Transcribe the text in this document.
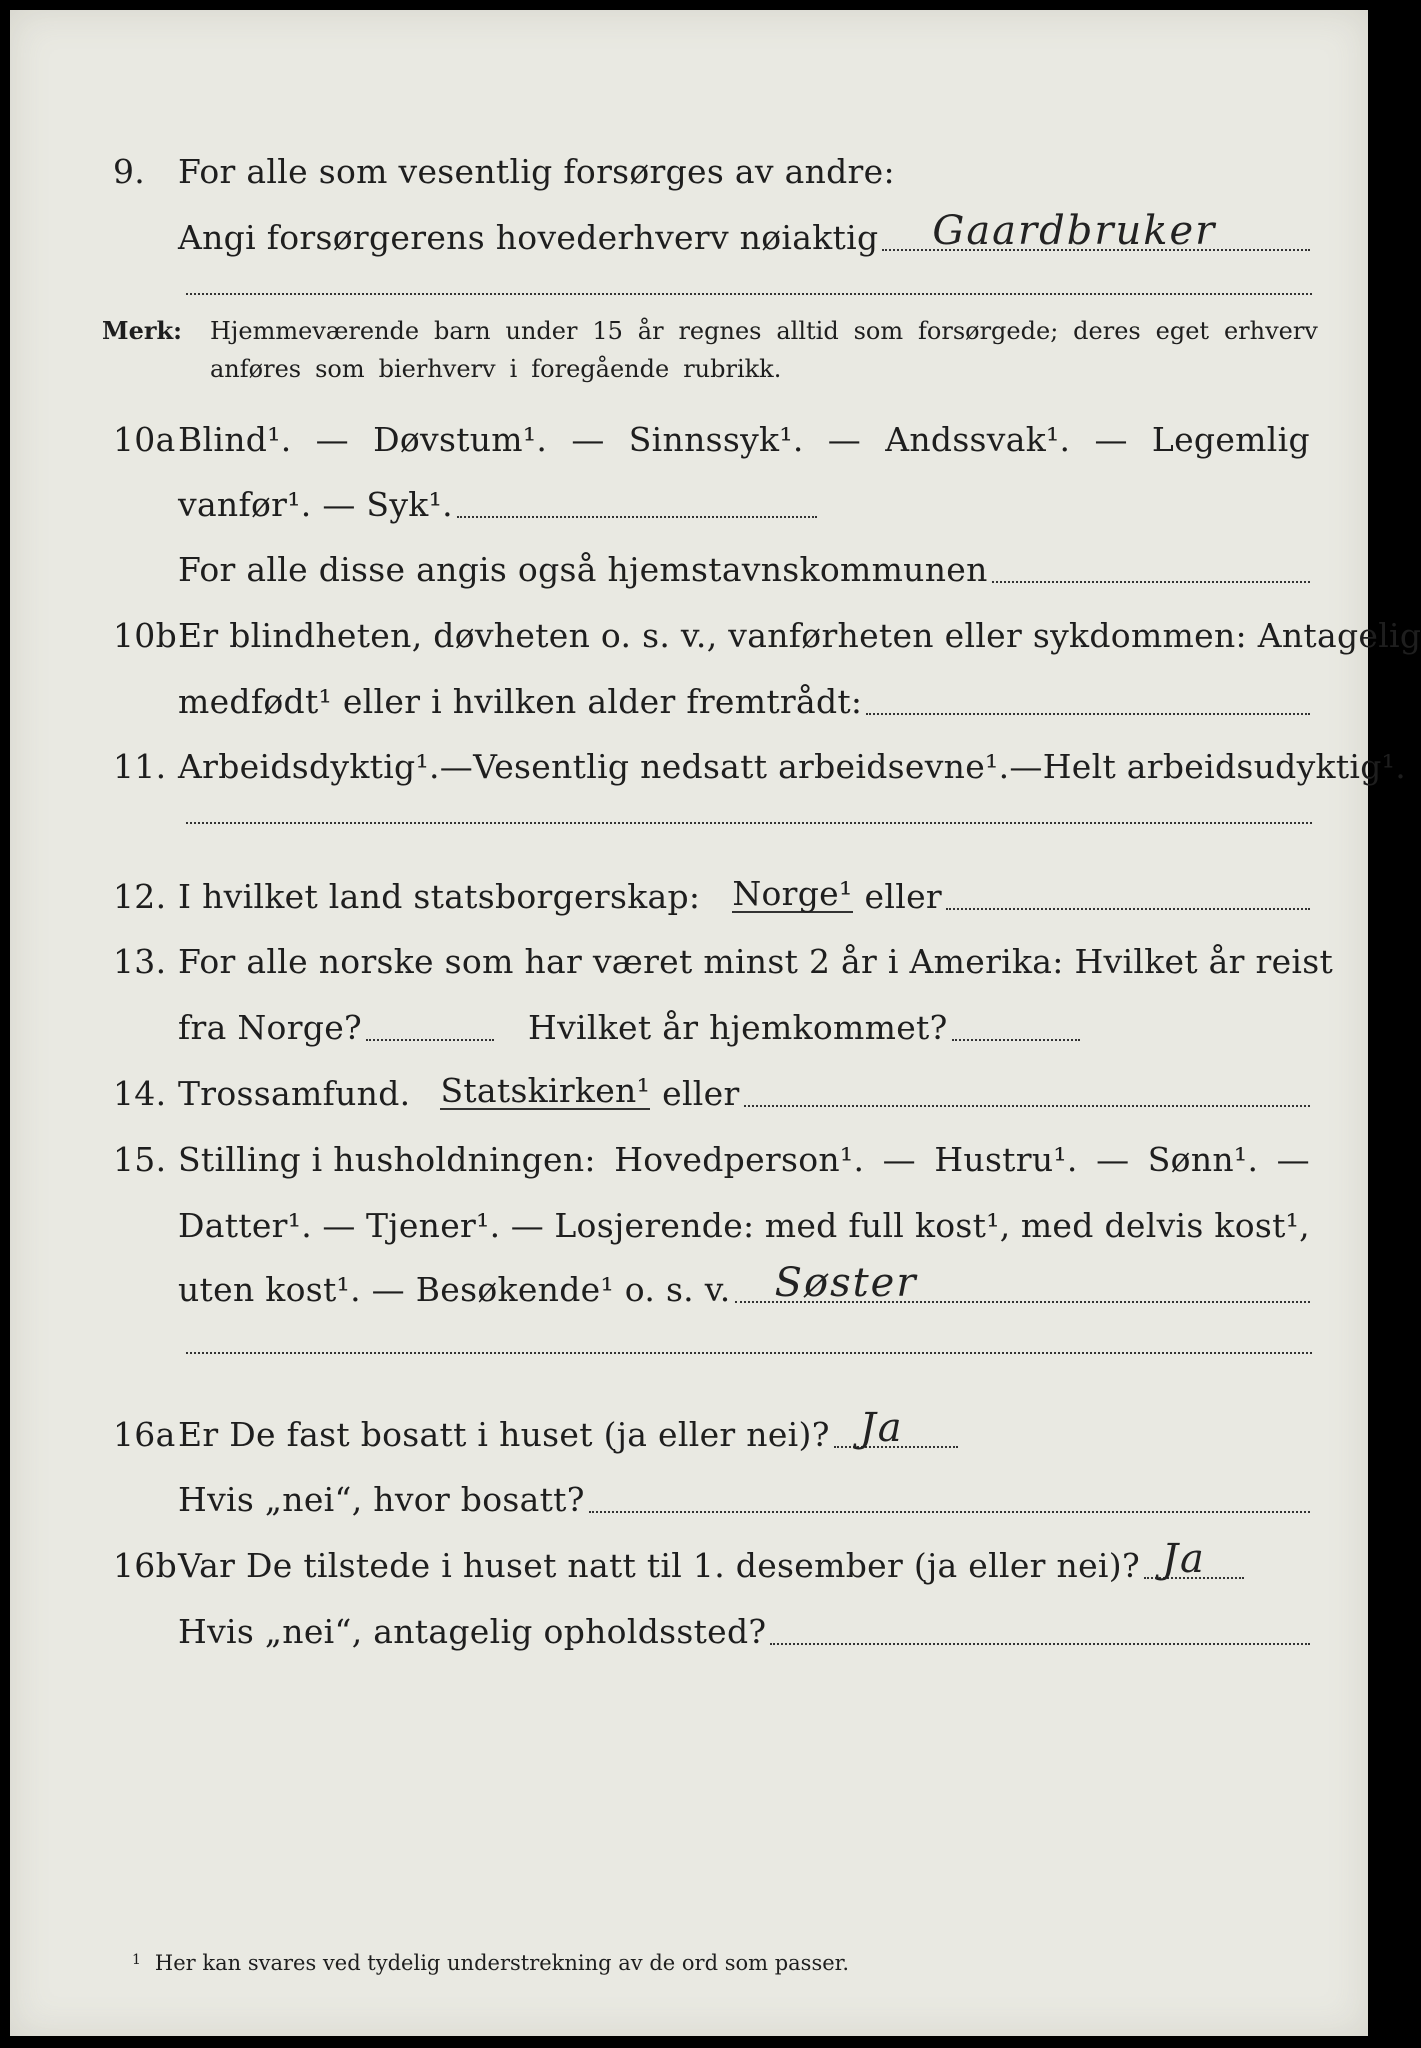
9. For alle som vesentlig forsørges av andre:
Angi forsørgerens hovederhverv nøiaktig Gaardbruker
Merk: Hjemmeværende barn under 15 år regnes alltid som forsørgede; deres eget erhverv

anføres som bierhverv i foregående rubrikk.

10a Blind¹. — Døvstum¹. — Sinnssyk¹. — Andssvak¹. — Legemlig
vanfør¹. — Syk¹.
For alle disse angis også hjemstavnskommunen
10b Er blindheten, døvheten o. s. v., vanførheten eller sykdommen: Antagelig
medfødt¹ eller i hvilken alder fremtrådt:
11. Arbeidsdyktig¹. — Vesentlig nedsatt arbeidsevne¹. — Helt arbeidsudyktig¹.
12. I hvilket land statsborgerskap: Norge¹ eller
13. For alle norske som har været minst 2 år i Amerika: Hvilket år reist
fra Norge?	Hvilket år hjemkommet?
14. Trossamfund. Statskirken¹ eller
15. Stilling i husholdningen: Hovedperson¹. — Hustru¹. — Sønn¹. —
Datter¹. — Tjener¹. — Losjerende: med full kost¹, med delvis kost¹,
uten kost¹. — Besøkende¹ o. s. v. Søster
16a Er De fast bosatt i huset (ja eller nei)? Ja
Hvis „nei“, hvor bosatt?
16b Var De tilstede i huset natt til 1. desember (ja eller nei)? Ja
Hvis „nei“, antagelig opholdssted?
$^1$ Her kan svares ved tydelig understrekning av de ord som passer.
